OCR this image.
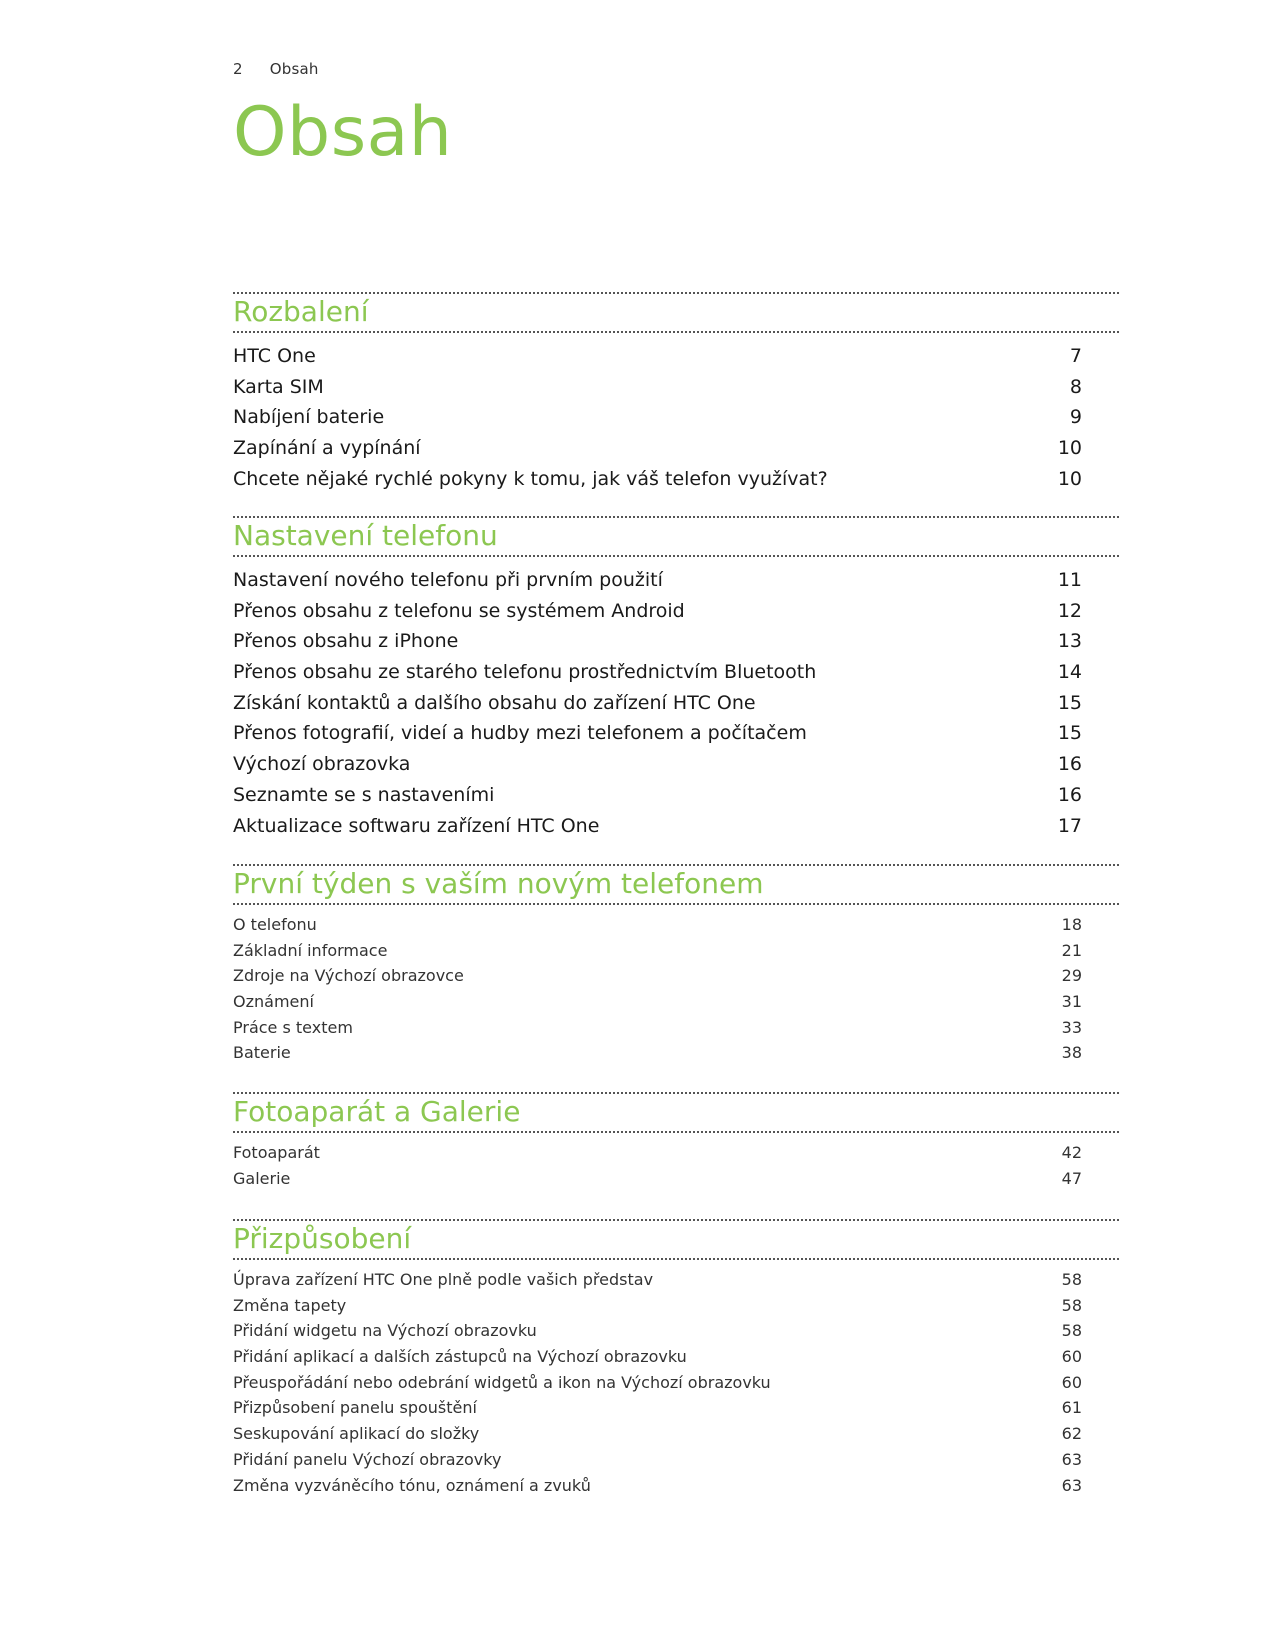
2 Obsah
Obsah
Rozbalení
HTC One	7
Karta SIM	8
Nabíjení baterie	9
Zapínání a vypínání	10
Chcete nějaké rychlé pokyny k tomu, jak váš telefon využívat?	10
Nastavení telefonu
Nastavení nového telefonu při prvním použití	11
Přenos obsahu z telefonu se systémem Android	12
Přenos obsahu z iPhone	13
Přenos obsahu ze starého telefonu prostřednictvím Bluetooth	14
Získání kontaktů a dalšího obsahu do zařízení HTC One	15
Přenos fotografií, videí a hudby mezi telefonem a počítačem	15
Výchozí obrazovka	16
Seznamte se s nastaveními	16
Aktualizace softwaru zařízení HTC One	17
První týden s vaším novým telefonem
O telefonu	18
Základní informace	21
Zdroje na Výchozí obrazovce	29
Oznámení	31
Práce s textem	33
Baterie	38
Fotoaparát a Galerie
Fotoaparát	42
Galerie	47
Přizpůsobení
Úprava zařízení HTC One plně podle vašich představ	58
Změna tapety	58
Přidání widgetu na Výchozí obrazovku	58
Přidání aplikací a dalších zástupců na Výchozí obrazovku	60
Přeuspořádání nebo odebrání widgetů a ikon na Výchozí obrazovku	60
Přizpůsobení panelu spouštění	61
Seskupování aplikací do složky	62
Přidání panelu Výchozí obrazovky	63
Změna vyzváněcího tónu, oznámení a zvuků	63
